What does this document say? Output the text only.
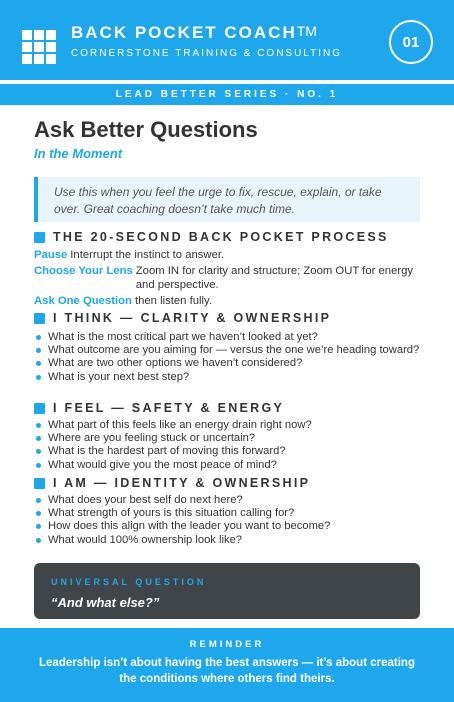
BACK POCKET COACH™
CORNERSTONE TRAINING & CONSULTING
01
LEAD BETTER SERIES · NO. 1
Ask Better Questions
In the Moment
Use this when you feel the urge to fix, rescue, explain, or take over. Great coaching doesn’t take much time.
THE 20-SECOND BACK POCKET PROCESS
Pause Interrupt the instinct to answer.
Choose Your Lens Zoom IN for clarity and structure; Zoom OUT for energy and perspective.
Ask One Question then listen fully.
I THINK — CLARITY & OWNERSHIP
What is the most critical part we haven’t looked at yet?
What outcome are you aiming for — versus the one we’re heading toward?
What are two other options we haven’t considered?
What is your next best step?
I FEEL — SAFETY & ENERGY
What part of this feels like an energy drain right now?
Where are you feeling stuck or uncertain?
What is the hardest part of moving this forward?
What would give you the most peace of mind?
I AM — IDENTITY & OWNERSHIP
What does your best self do next here?
What strength of yours is this situation calling for?
How does this align with the leader you want to become?
What would 100% ownership look like?
UNIVERSAL QUESTION
“And what else?”
REMINDER
Leadership isn’t about having the best answers — it’s about creating the conditions where others find theirs.
